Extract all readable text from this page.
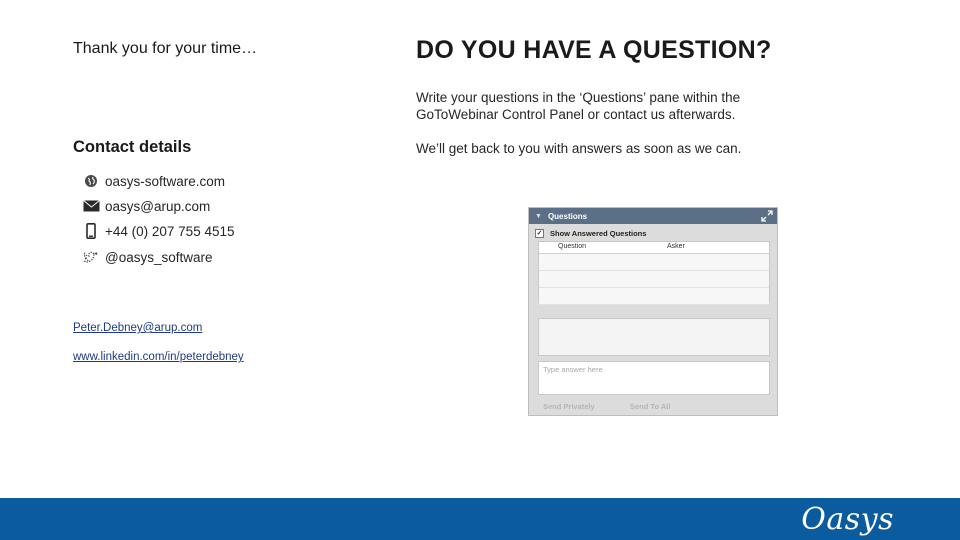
Thank you for your time…	DO YOU HAVE A QUESTION?
Write your questions in the ‘Questions’ pane within the GoToWebinar Control Panel or contact us afterwards.
We’ll get back to you with answers as soon as we can.
Contact details
oasys-software.com
oasys@arup.com
+44 (0) 207 755 4515
@oasys_software
Peter.Debney@arup.com
www.linkedin.com/in/peterdebney
▼ Questions
✓ Show Answered Questions
Question	Asker
Type answer here
Send Privately	Send To All
Oasys
